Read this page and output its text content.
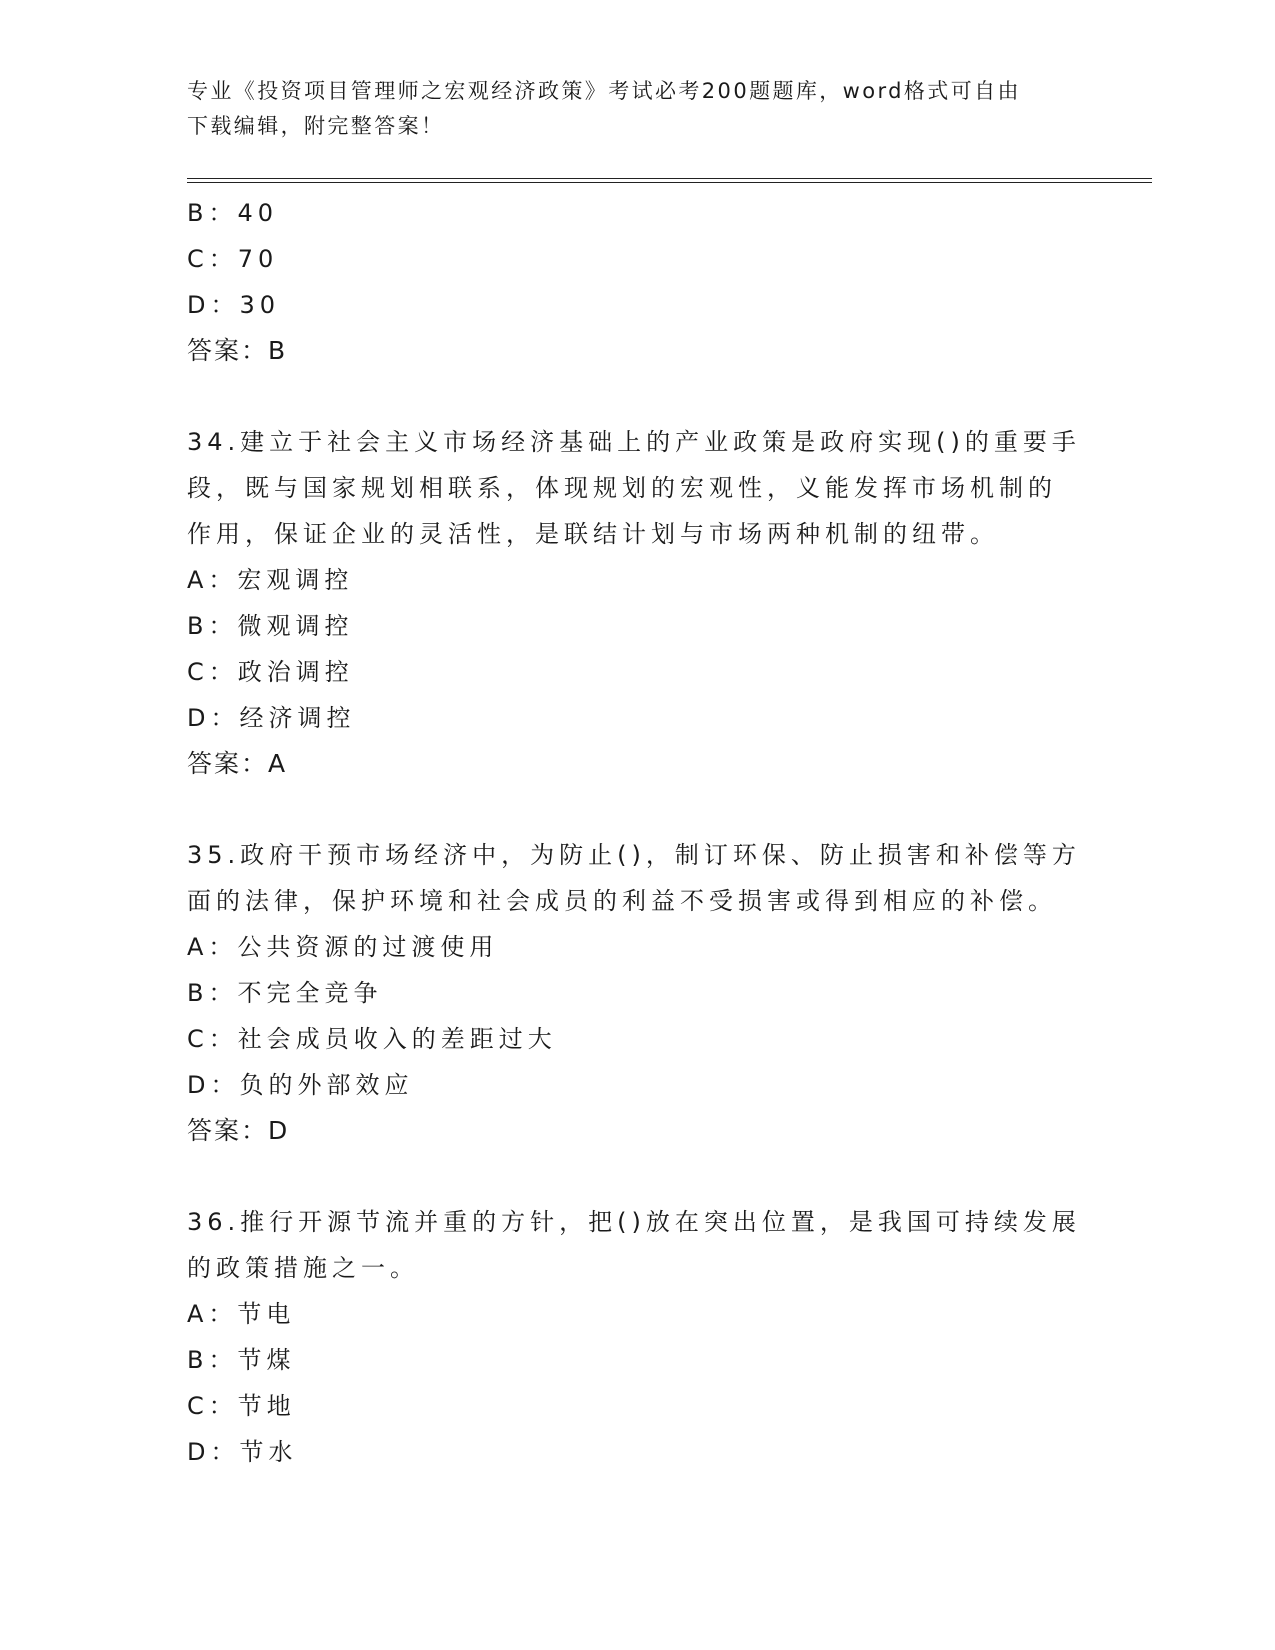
专业《投资项目管理师之宏观经济政策》考试必考200题题库，word格式可自由
下载编辑，附完整答案！
B：40
C：70
D：30
答案：B
34.建立于社会主义市场经济基础上的产业政策是政府实现()的重要手
段，既与国家规划相联系，体现规划的宏观性，义能发挥市场机制的
作用，保证企业的灵活性，是联结计划与市场两种机制的纽带。
A：宏观调控
B：微观调控
C：政治调控
D：经济调控
答案：A
35.政府干预市场经济中，为防止()，制订环保、防止损害和补偿等方
面的法律，保护环境和社会成员的利益不受损害或得到相应的补偿。
A：公共资源的过渡使用
B：不完全竞争
C：社会成员收入的差距过大
D：负的外部效应
答案：D
36.推行开源节流并重的方针，把()放在突出位置，是我国可持续发展
的政策措施之一。
A：节电
B：节煤
C：节地
D：节水
